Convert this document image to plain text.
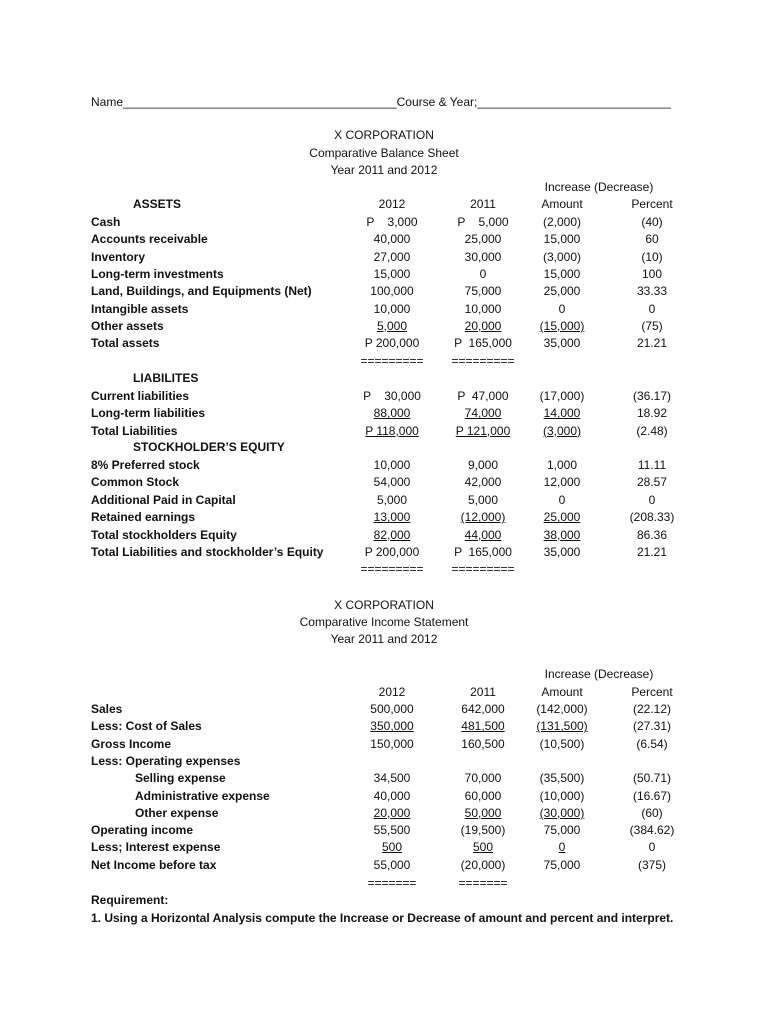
Name_________________________________________Course & Year;_____________________________
X CORPORATION
Comparative Balance Sheet
Year 2011 and 2012
Increase (Decrease)
ASSETS	2012	2011	Amount	Percent
Cash	P    3,000	P    5,000	(2,000)	(40)
Accounts receivable	40,000	25,000	15,000	60
Inventory	27,000	30,000	(3,000)	(10)
Long-term investments	15,000	0	15,000	100
Land, Buildings, and Equipments (Net)	100,000	75,000	25,000	33.33
Intangible assets	10,000	10,000	0	0
Other assets	5,000	20,000	(15,000)	(75)
Total assets	P 200,000	P  165,000	35,000	21.21
========= =========
LIABILITES
Current liabilities	P    30,000	P  47,000	(17,000)	(36.17)
Long-term liabilities	88,000	74,000	14,000	18.92
Total Liabilities	P 118,000	P 121,000	(3,000)	(2.48)
STOCKHOLDER’S EQUITY
8% Preferred stock	10,000	9,000	1,000	11.11
Common Stock	54,000	42,000	12,000	28.57
Additional Paid in Capital	5,000	5,000	0	0
Retained earnings	13,000	(12,000)	25,000	(208.33)
Total stockholders Equity	82,000	44,000	38,000	86.36
Total Liabilities and stockholder’s Equity	P 200,000	P  165,000	35,000	21.21
========= =========
X CORPORATION
Comparative Income Statement
Year 2011 and 2012
Increase (Decrease)
2012	2011	Amount	Percent
Sales	500,000	642,000	(142,000)	(22.12)
Less: Cost of Sales	350,000	481,500	(131,500)	(27.31)
Gross Income	150,000	160,500	(10,500)	(6.54)
Less: Operating expenses
Selling expense	34,500	70,000	(35,500)	(50.71)
Administrative expense	40,000	60,000	(10,000)	(16.67)
Other expense	20,000	50,000	(30,000)	(60)
Operating income	55,500	(19,500)	75,000	(384.62)
Less; Interest expense	500	500	0	0
Net Income before tax	55,000	(20,000)	75,000	(375)
=======	=======
Requirement:
1. Using a Horizontal Analysis compute the Increase or Decrease of amount and percent and interpret.
